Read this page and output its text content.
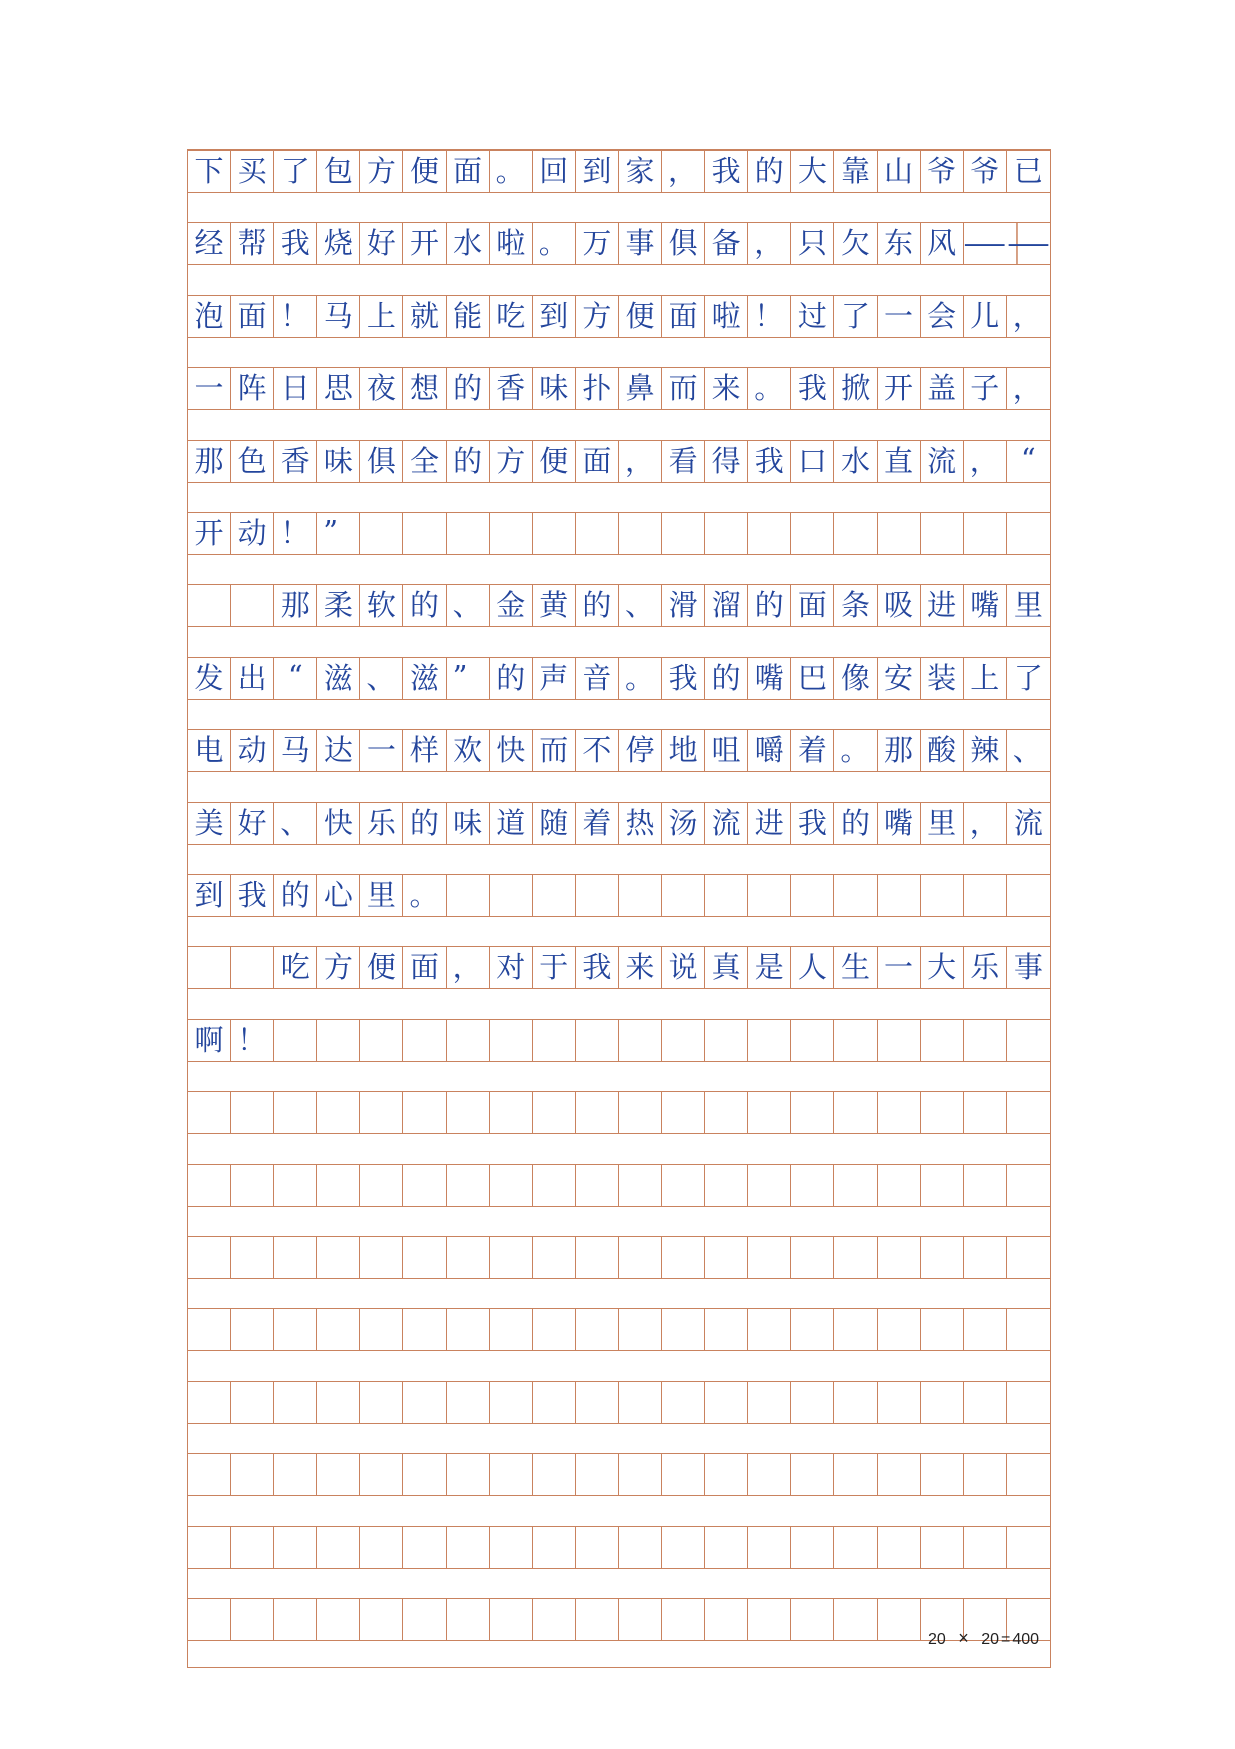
下 买 了 包 方 便 面 。 回 到 家 ， 我 的 大 靠 山 爷 爷 已
经 帮 我 烧 好 开 水 啦 。 万 事 俱 备 ， 只 欠 东 风 — —
泡 面 ！ 马 上 就 能 吃 到 方 便 面 啦 ！ 过 了 一 会 儿 ，
一 阵 日 思 夜 想 的 香 味 扑 鼻 而 来 。 我 掀 开 盖 子 ，
那 色 香 味 俱 全 的 方 便 面 ， 看 得 我 口 水 直 流 ， “
开 动 ！ ”
那 柔 软 的 、 金 黄 的 、 滑 溜 的 面 条 吸 进 嘴 里
发 出 “ 滋 、 滋 ” 的 声 音 。 我 的 嘴 巴 像 安 装 上 了
电 动 马 达 一 样 欢 快 而 不 停 地 咀 嚼 着 。 那 酸 辣 、
美 好 、 快 乐 的 味 道 随 着 热 汤 流 进 我 的 嘴 里 ， 流
到 我 的 心 里 。
吃 方 便 面 ， 对 于 我 来 说 真 是 人 生 一 大 乐 事
啊 ！
20 × 20 = 400
